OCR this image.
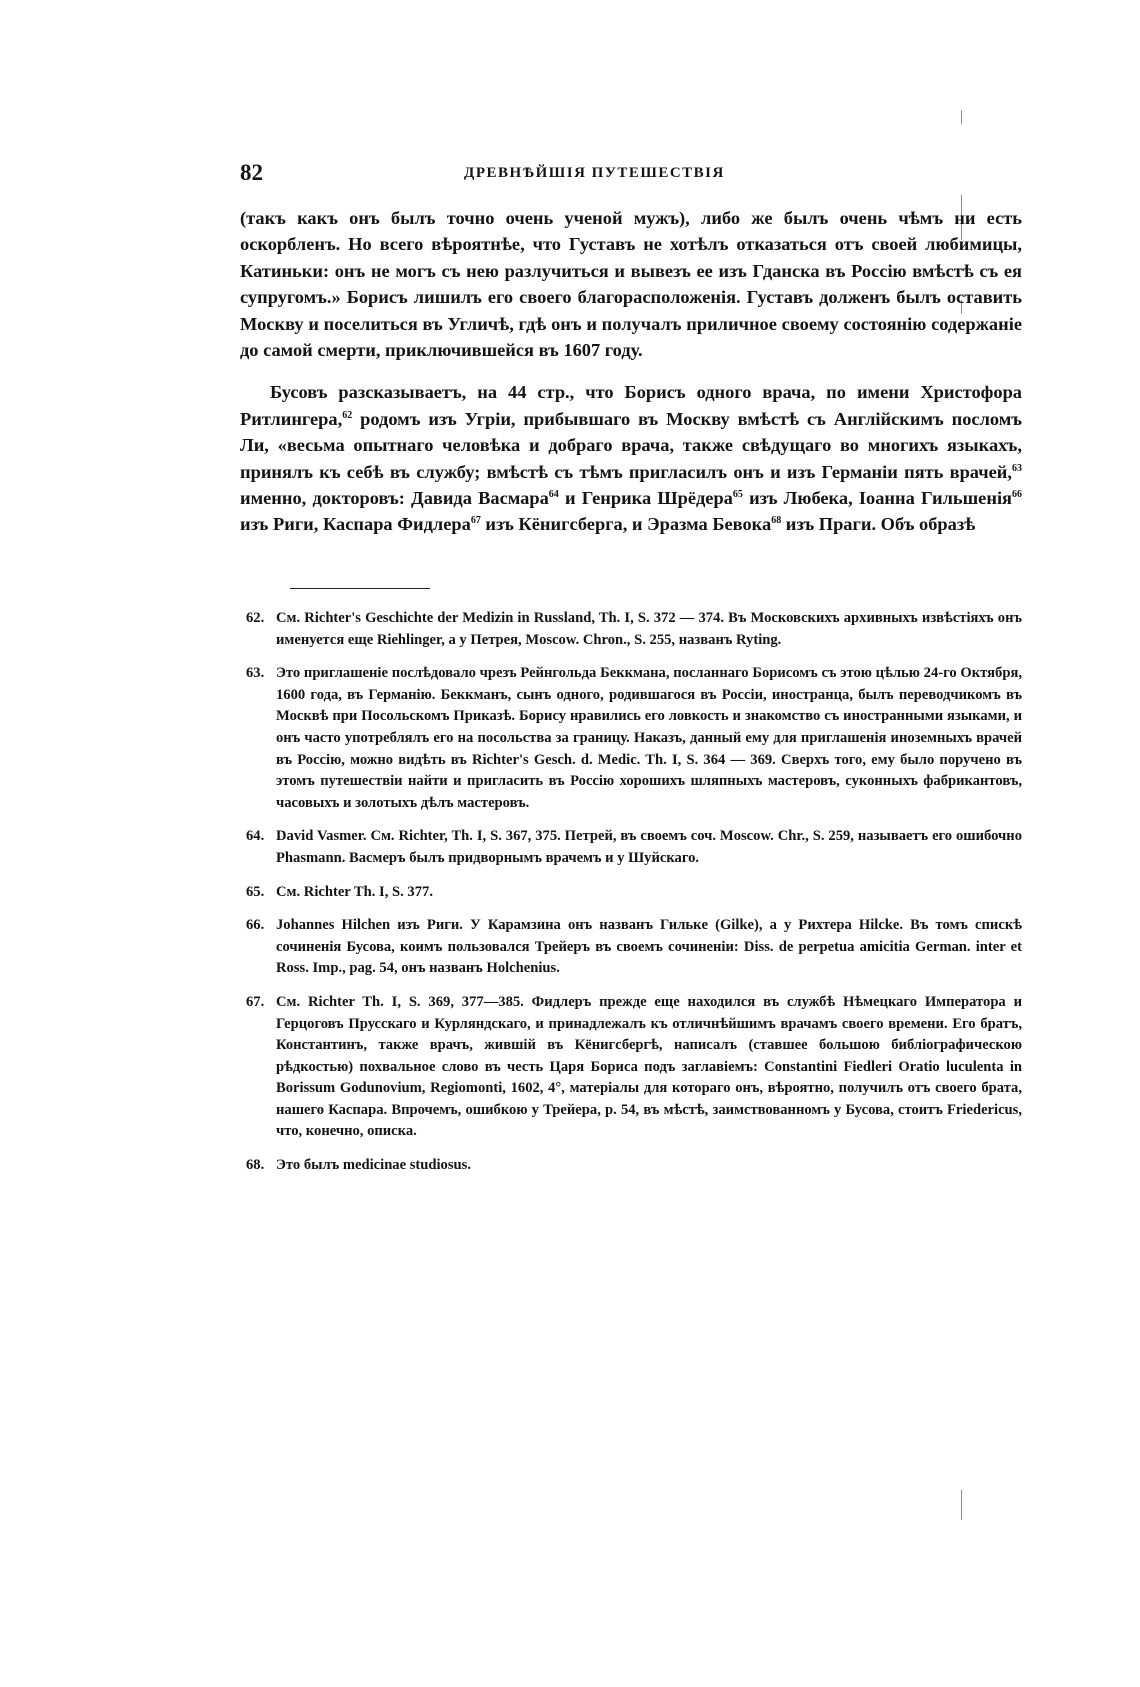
82	ДРЕВНѢЙШІЯ ПУТЕШЕСТВІЯ

(такъ какъ онъ былъ точно очень ученой мужъ), либо же былъ очень чѣмъ ни есть оскорбленъ. Но всего вѣроятнѣе, что Густавъ не хотѣлъ отказаться отъ своей любимицы, Катиньки: онъ не могъ съ нею разлучиться и вывезъ ее изъ Гданска въ Россію вмѣстѣ съ ея супругомъ.» Борисъ лишилъ его своего благорасположенія. Густавъ долженъ былъ оставить Москву и поселиться въ Угличѣ, гдѣ онъ и получалъ приличное своему состоянію содержаніе до самой смерти, приключившейся въ 1607 году.

Бусовъ разсказываетъ, на 44 стр., что Борисъ одного врача, по имени Христофора Ритлингера,$^{62}$ родомъ изъ Угріи, прибывшаго въ Москву вмѣстѣ съ Англійскимъ посломъ Ли, «весьма опытнаго человѣка и добраго врача, также свѣдущаго во многихъ языкахъ, принялъ къ себѣ въ службу; вмѣстѣ съ тѣмъ пригласилъ онъ и изъ Германіи пять врачей,$^{63}$ именно, докторовъ: Давида Васмара$^{64}$ и Генрика Шрёдера$^{65}$ изъ Любека, Іоанна Гильшенія$^{66}$ изъ Риги, Каспара Фидлера$^{67}$ изъ Кёнигсберга, и Эразма Бевока$^{68}$ изъ Праги. Объ образѣ

62. См. Richter's Geschichte der Medizin in Russland, Th. I, S. 372 — 374. Въ Московскихъ архивныхъ извѣстіяхъ онъ именуется еще Riehlinger, а у Петрея, Moscow. Chron., S. 255, названъ Ryting.

63. Это приглашеніе послѣдовало чрезъ Рейнгольда Беккмана, посланнаго Борисомъ съ этою цѣлью 24-го Октября, 1600 года, въ Германію. Беккманъ, сынъ одного, родившагося въ Россіи, иностранца, былъ переводчикомъ въ Москвѣ при Посольскомъ Приказѣ. Борису нравились его ловкость и знакомство съ иностранными языками, и онъ часто употреблялъ его на посольства за границу. Наказъ, данный ему для приглашенія иноземныхъ врачей въ Россію, можно видѣть въ Richter's Gesch. d. Medic. Th. I, S. 364 — 369. Сверхъ того, ему было поручено въ этомъ путешествіи найти и пригласить въ Россію хорошихъ шляпныхъ мастеровъ, суконныхъ фабрикантовъ, часовыхъ и золотыхъ дѣлъ мастеровъ.

64. David Vasmer. См. Richter, Th. I, S. 367, 375. Петрей, въ своемъ соч. Moscow. Chr., S. 259, называетъ его ошибочно Phasmann. Васмеръ былъ придворнымъ врачемъ и у Шуйскаго.

65. См. Richter Th. I, S. 377.

66. Johannes Hilchen изъ Риги. У Карамзина онъ названъ Гилькe (Gilke), а у Рихтера Hilcke. Въ томъ спискѣ сочиненія Бусова, коимъ пользовался Трейеръ въ своемъ сочиненіи: Diss. de perpetua amicitia German. inter et Ross. Imp., pag. 54, онъ названъ Holchenius.

67. См. Richter Th. I, S. 369, 377—385. Фидлеръ прежде еще находился въ службѣ Нѣмецкаго Императора и Герцоговъ Прусскаго и Курляндскаго, и принадлежалъ къ отличнѣйшимъ врачамъ своего времени. Его братъ, Констaнтинъ, также врачъ, жившій въ Кёнигсбергѣ, написалъ (ставшее большою библіографическою рѣдкостью) похвальное слово въ честь Царя Бориса подъ заглавіемъ: Constantini Fiedleri Oratio luculenta in Borissum Godunovium, Regiomonti, 1602, 4°, матеріалы для котораго онъ, вѣроятно, получилъ отъ своего брата, нашего Каспара. Впрочемъ, ошибкою у Трейера, p. 54, въ мѣстѣ, заимствованномъ у Бусова, стоитъ Friedericus, что, конечно, описка.

68. Это былъ medicinae studiosus.
